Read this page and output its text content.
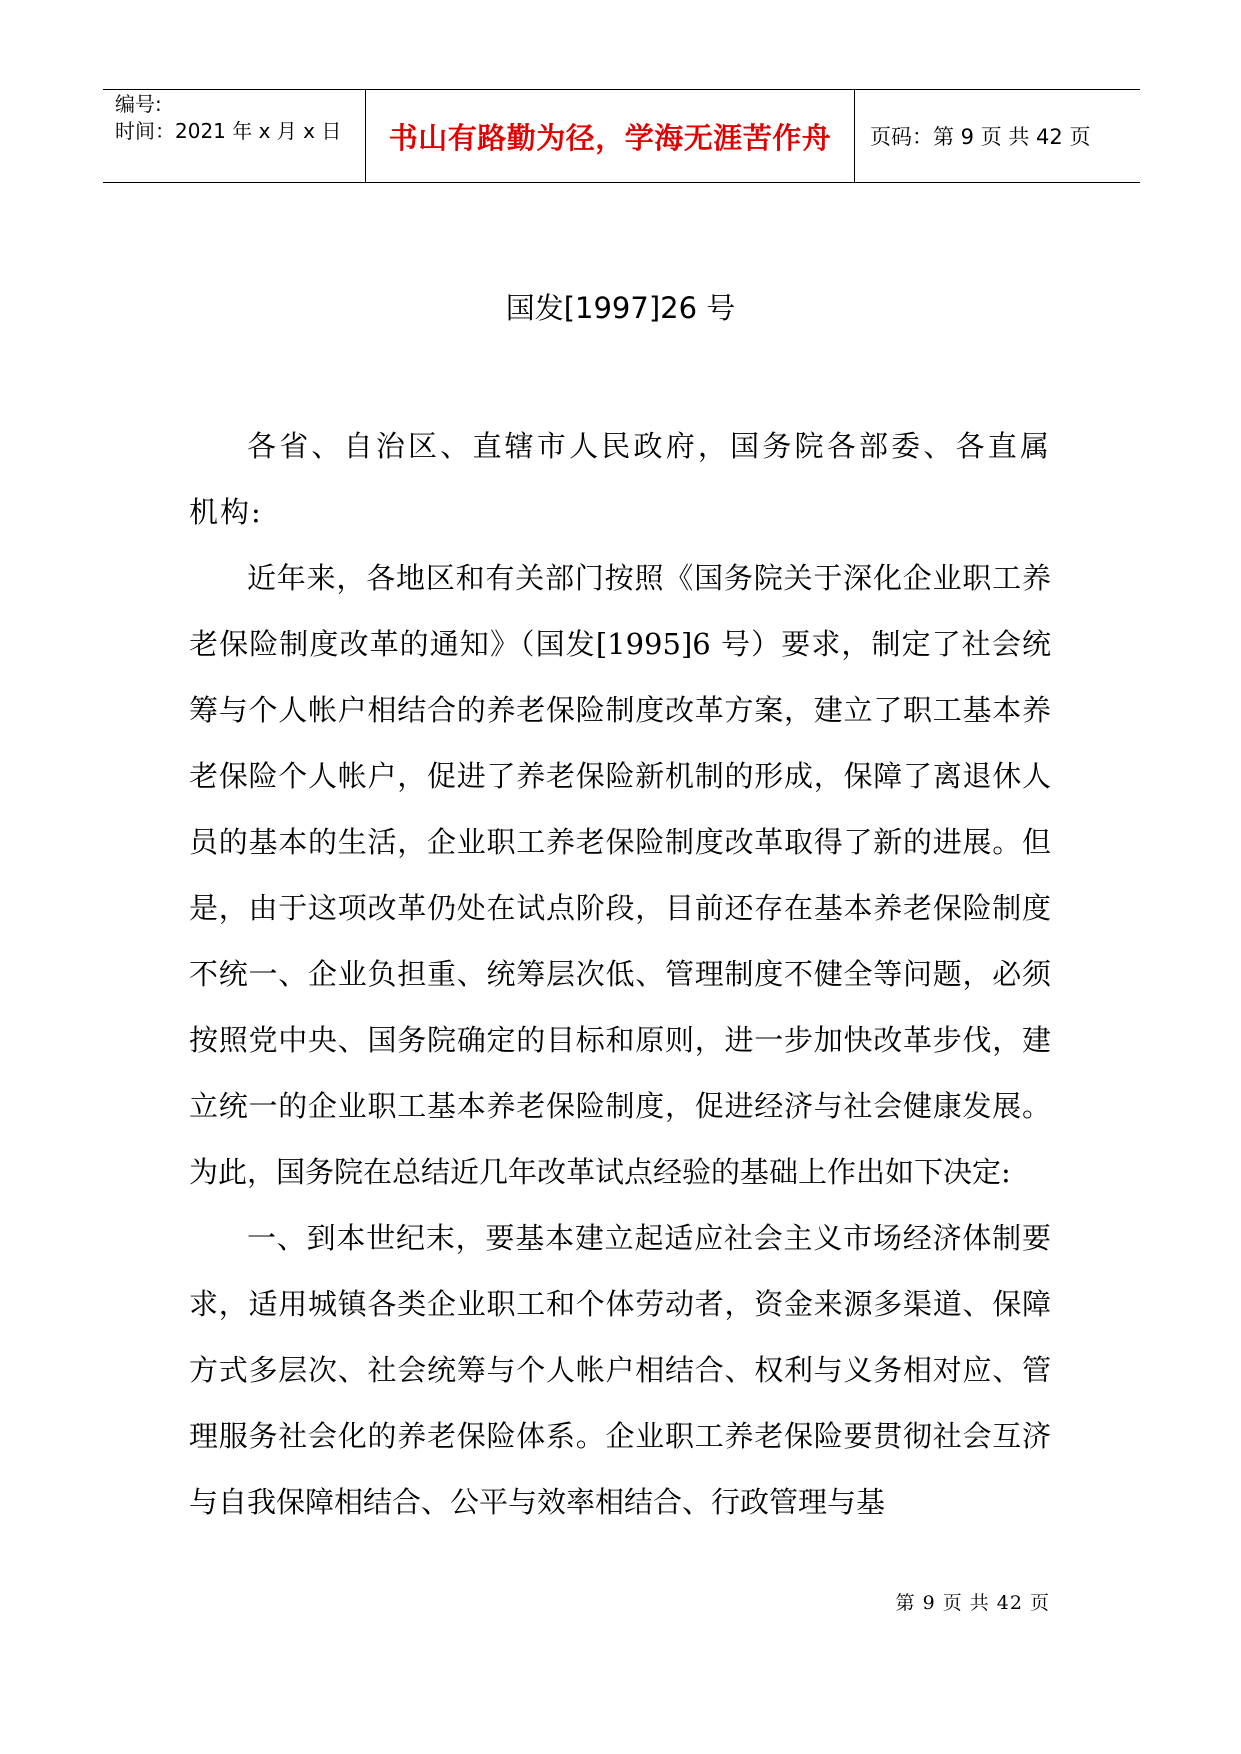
编号:
时间：2021 年 x 月 x 日 书山有路勤为径，学海无涯苦作舟 页码：第 9 页 共 42 页
国发[1997]26 号

各省、自治区、直辖市人民政府，国务院各部委、各直属机构:

近年来，各地区和有关部门按照《国务院关于深化企业职工养老保险制度改革的通知》（国发[1995]6 号）要求，制定了社会统筹与个人帐户相结合的养老保险制度改革方案，建立了职工基本养老保险个人帐户，促进了养老保险新机制的形成，保障了离退休人员的基本的生活，企业职工养老保险制度改革取得了新的进展。但是，由于这项改革仍处在试点阶段，目前还存在基本养老保险制度不统一、企业负担重、统筹层次低、管理制度不健全等问题，必须按照党中央、国务院确定的目标和原则，进一步加快改革步伐，建立统一的企业职工基本养老保险制度，促进经济与社会健康发展。为此，国务院在总结近几年改革试点经验的基础上作出如下决定:

一、到本世纪末，要基本建立起适应社会主义市场经济体制要求，适用城镇各类企业职工和个体劳动者，资金来源多渠道、保障方式多层次、社会统筹与个人帐户相结合、权利与义务相对应、管理服务社会化的养老保险体系。企业职工养老保险要贯彻社会互济与自我保障相结合、公平与效率相结合、行政管理与基

第 9 页 共 42 页
